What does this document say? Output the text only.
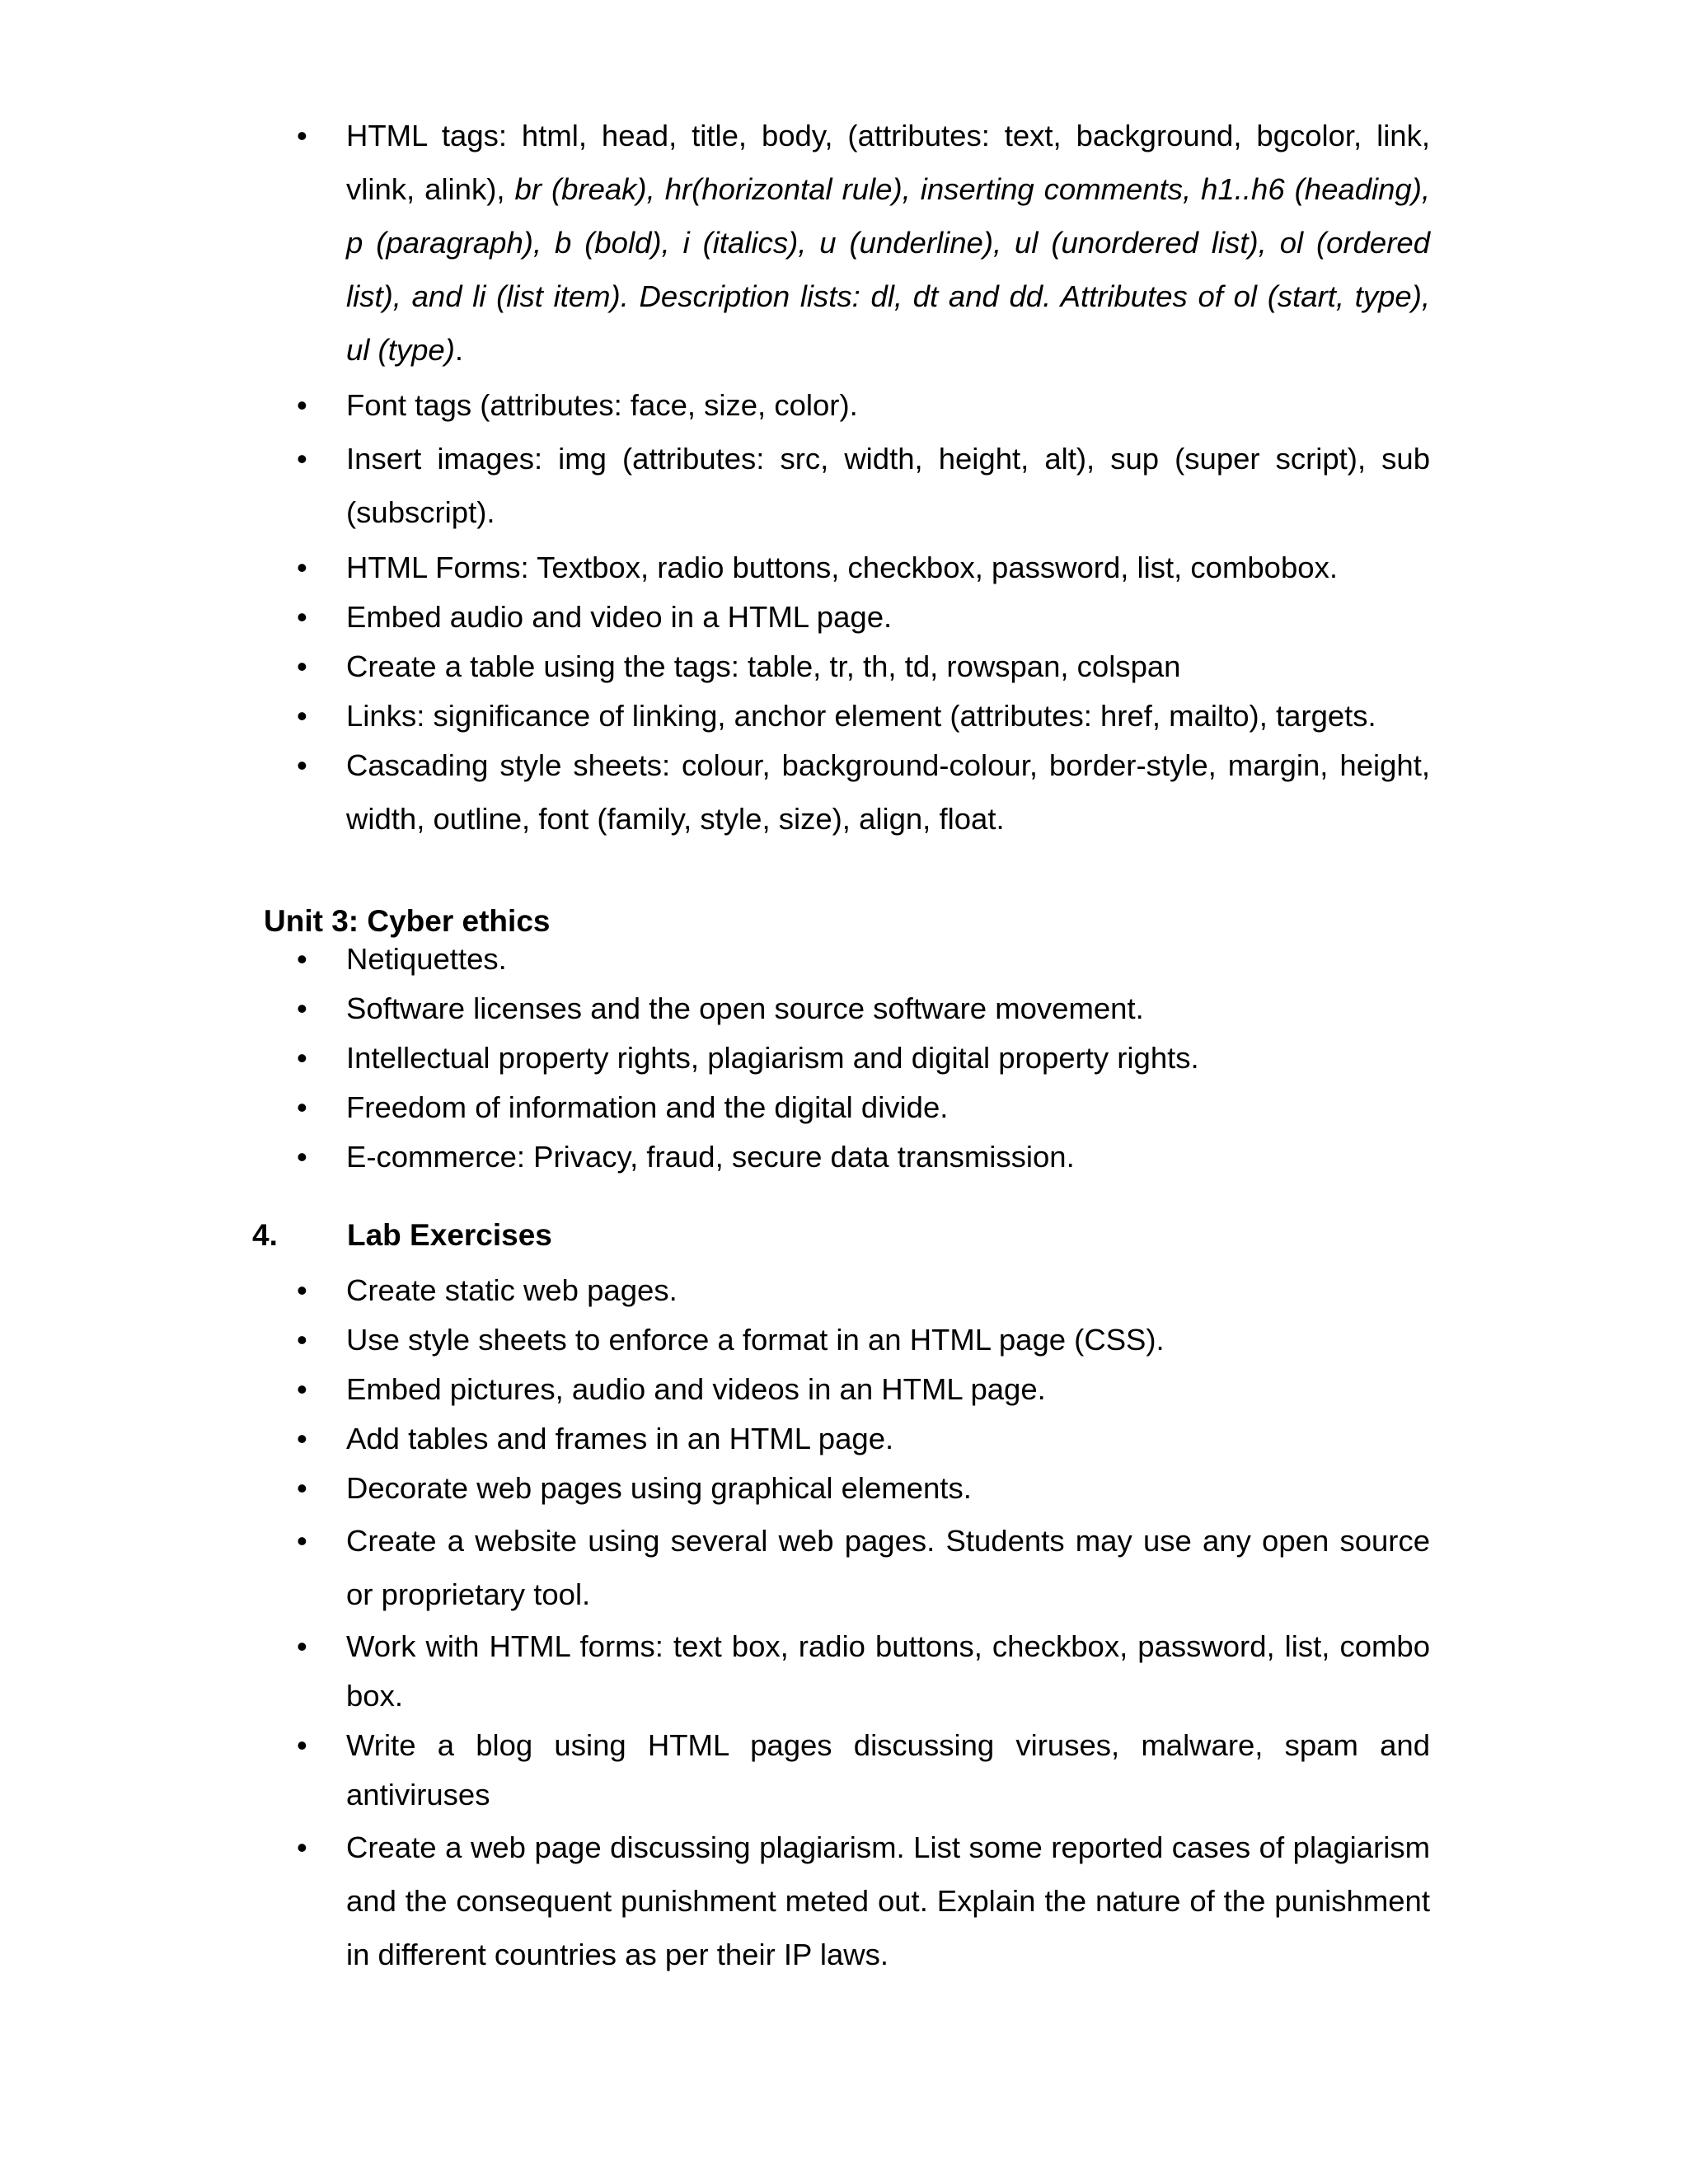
• HTML tags: html, head, title, body, (attributes: text, background, bgcolor, link, vlink, alink), br (break), hr(horizontal rule), inserting comments, h1..h6 (heading), p (paragraph), b (bold), i (italics), u (underline), ul (unordered list), ol (ordered list), and li (list item). Description lists: dl, dt and dd. Attributes of ol (start, type), ul (type).
• Font tags (attributes: face, size, color).
• Insert images: img (attributes: src, width, height, alt), sup (super script), sub (subscript).
• HTML Forms: Textbox, radio buttons, checkbox, password, list, combobox.
• Embed audio and video in a HTML page.
• Create a table using the tags: table, tr, th, td, rowspan, colspan
• Links: significance of linking, anchor element (attributes: href, mailto), targets.
• Cascading style sheets: colour, background-colour, border-style, margin, height, width, outline, font (family, style, size), align, float.
Unit 3: Cyber ethics
• Netiquettes.
• Software licenses and the open source software movement.
• Intellectual property rights, plagiarism and digital property rights.
• Freedom of information and the digital divide.
• E-commerce: Privacy, fraud, secure data transmission.
4. Lab Exercises
• Create static web pages.
• Use style sheets to enforce a format in an HTML page (CSS).
• Embed pictures, audio and videos in an HTML page.
• Add tables and frames in an HTML page.
• Decorate web pages using graphical elements.
• Create a website using several web pages. Students may use any open source or proprietary tool.
• Work with HTML forms: text box, radio buttons, checkbox, password, list, combo box.
• Write a blog using HTML pages discussing viruses, malware, spam and antiviruses
• Create a web page discussing plagiarism. List some reported cases of plagiarism and the consequent punishment meted out. Explain the nature of the punishment in different countries as per their IP laws.
